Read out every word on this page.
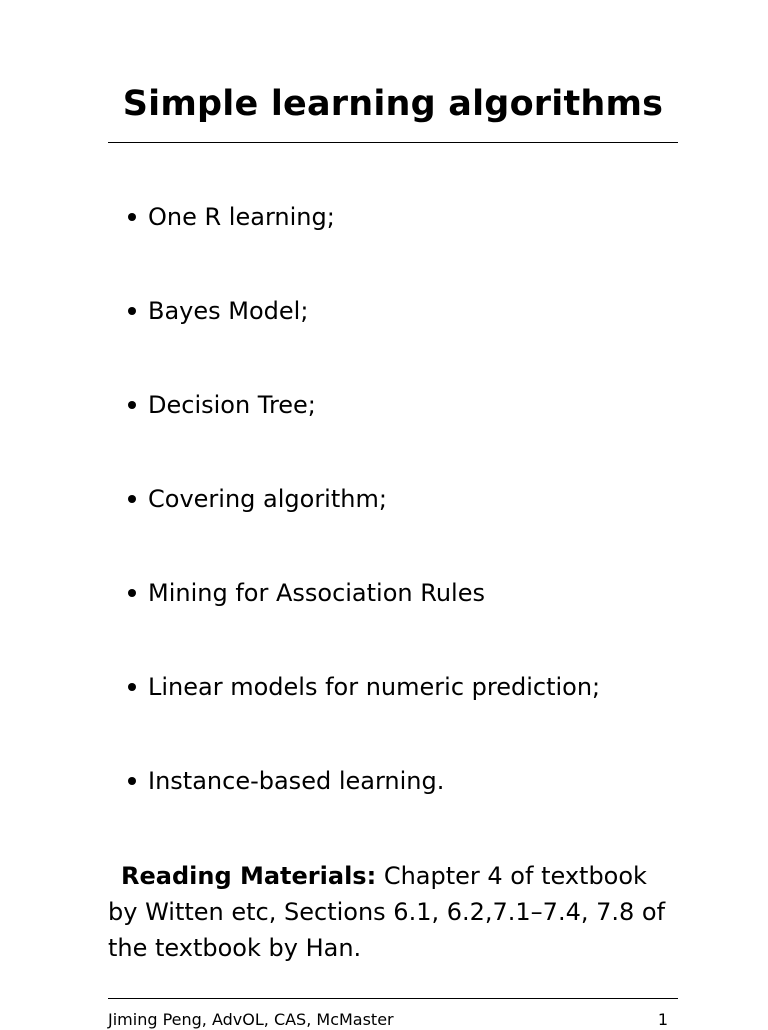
Simple learning algorithms
One R learning;
Bayes Model;
Decision Tree;
Covering algorithm;
Mining for Association Rules
Linear models for numeric prediction;
Instance-based learning.

Reading Materials: Chapter 4 of textbook by Witten etc, Sections 6.1, 6.2,7.1–7.4, 7.8 of the textbook by Han.

Jiming Peng, AdvOL, CAS, McMaster	1
